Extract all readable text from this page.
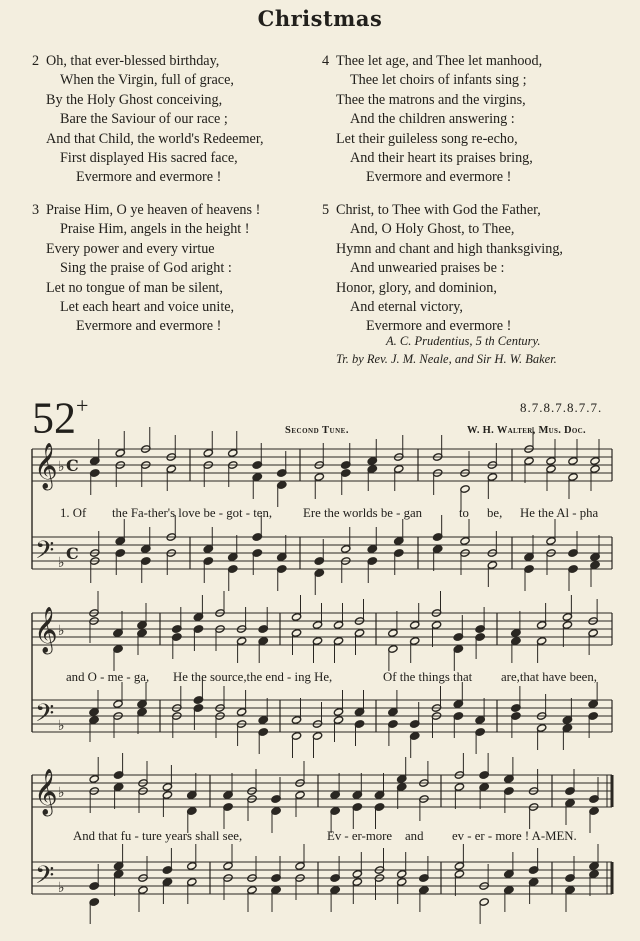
Christmas
2 Oh, that ever-blessed birthday,
When the Virgin, full of grace,
By the Holy Ghost conceiving,
Bare the Saviour of our race ;
And that Child, the world's Redeemer,
First displayed His sacred face,
Evermore and evermore !
3 Praise Him, O ye heaven of heavens !
Praise Him, angels in the height !
Every power and every virtue
Sing the praise of God aright :
Let no tongue of man be silent,
Let each heart and voice unite,
Evermore and evermore !
4 Thee let age, and Thee let manhood,
Thee let choirs of infants sing ;
Thee the matrons and the virgins,
And the children answering :
Let their guileless song re-echo,
And their heart its praises bring,
Evermore and evermore !
5 Christ, to Thee with God the Father,
And, O Holy Ghost, to Thee,
Hymn and chant and high thanksgiving,
And unwearied praises be :
Honor, glory, and dominion,
And eternal victory,
Evermore and evermore !
A. C. Prudentius, 5 th Century.
Tr. by Rev. J. M. Neale, and Sir H. W. Baker.
52+	8.7.8.7.8.7.7.
Second Tune.	W. H. Walter, Mus. Doc.
𝄞
𝄢
♭
♭
C
C
𝄞
𝄢
♭
♭
𝄞
𝄢
♭
♭
1. Of the Fa-ther's love be - got - ten, Ere the worlds be - gan	to be, He the Al - pha
and O - me - ga, He the source,the end - ing He,	Of the things that are,that have been,
And that fu - ture years shall see,	Ev - er-more and ev - er - more ! A-MEN.
